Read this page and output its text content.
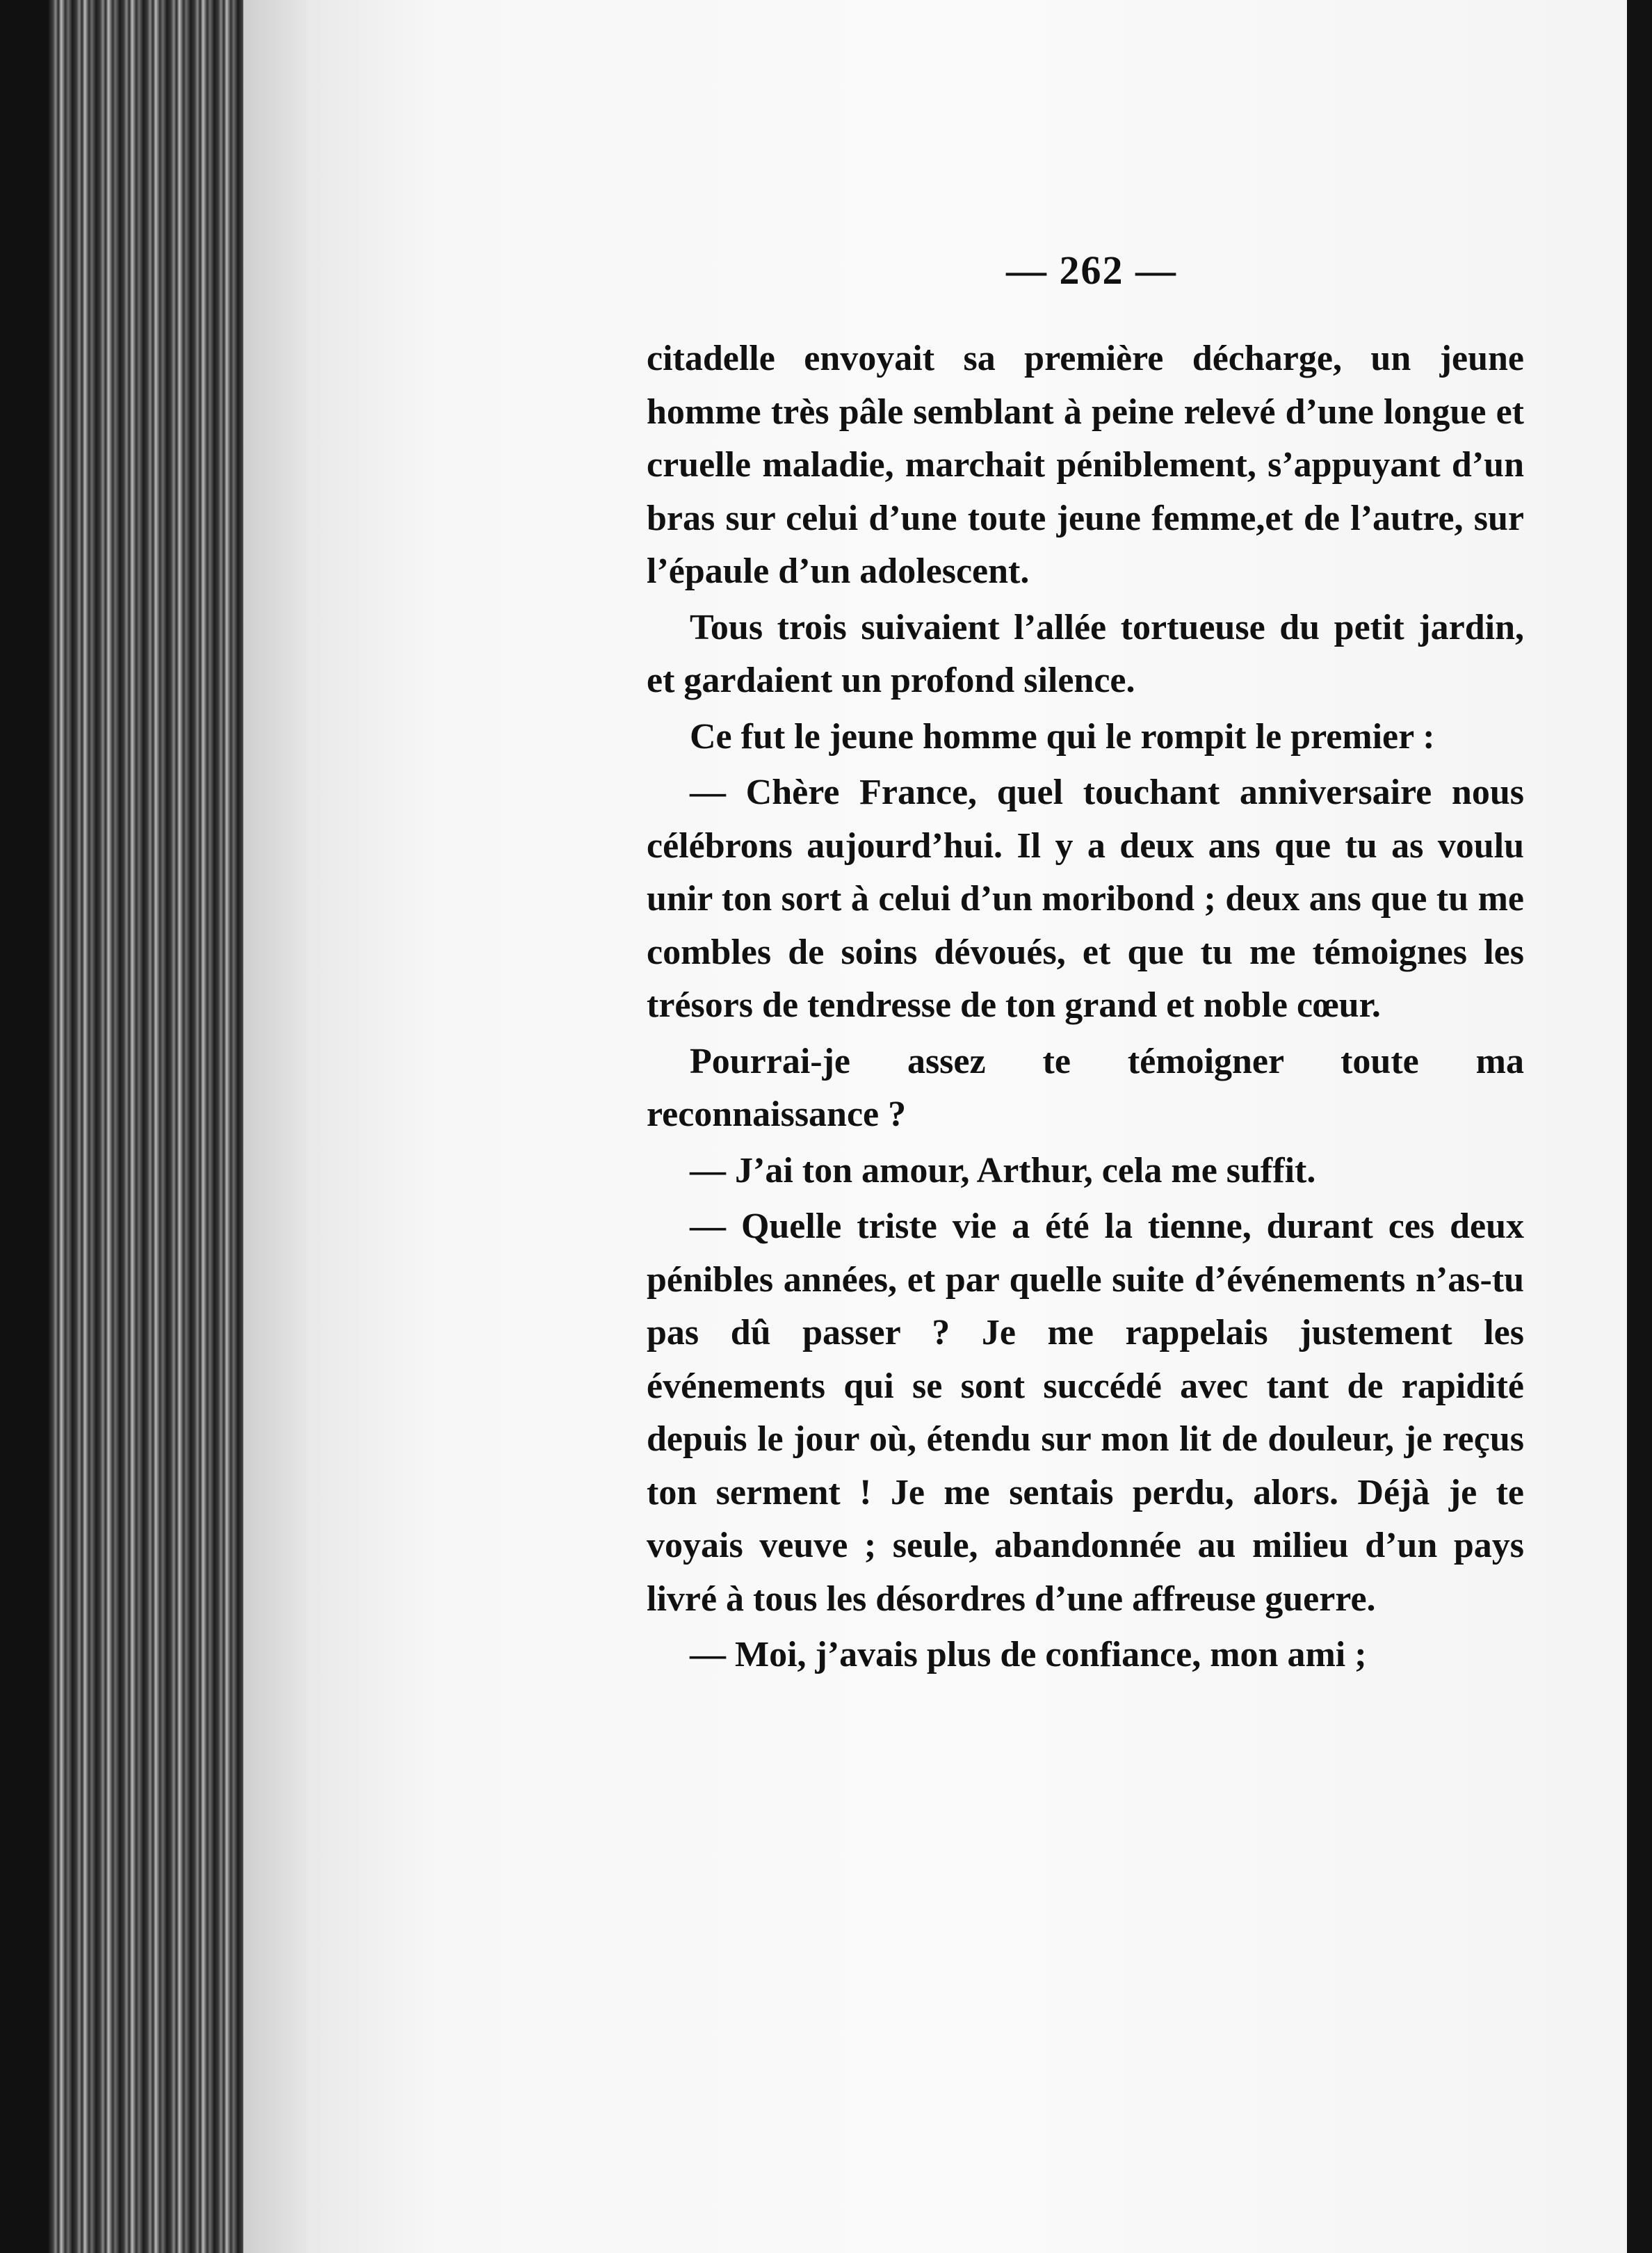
— 262 —

citadelle envoyait sa première décharge, un jeune homme très pâle semblant à peine relevé d’une longue et cruelle maladie, marchait péniblement, s’appuyant d’un bras sur celui d’une toute jeune femme,et de l’autre, sur l’épaule d’un adolescent.

Tous trois suivaient l’allée tortueuse du petit jardin, et gardaient un profond silence.

Ce fut le jeune homme qui le rompit le premier :

— Chère France, quel touchant anniversaire nous célébrons aujourd’hui. Il y a deux ans que tu as voulu unir ton sort à celui d’un moribond ; deux ans que tu me combles de soins dévoués, et que tu me témoignes les trésors de tendresse de ton grand et noble cœur.

Pourrai-je assez te témoigner toute ma reconnaissance ?

— J’ai ton amour, Arthur, cela me suffit.

— Quelle triste vie a été la tienne, durant ces deux pénibles années, et par quelle suite d’événements n’as-tu pas dû passer ? Je me rappelais justement les événements qui se sont succédé avec tant de rapidité depuis le jour où, étendu sur mon lit de douleur, je reçus ton serment ! Je me sentais perdu, alors. Déjà je te voyais veuve ; seule, abandonnée au milieu d’un pays livré à tous les désordres d’une affreuse guerre.

— Moi, j’avais plus de confiance, mon ami ;
